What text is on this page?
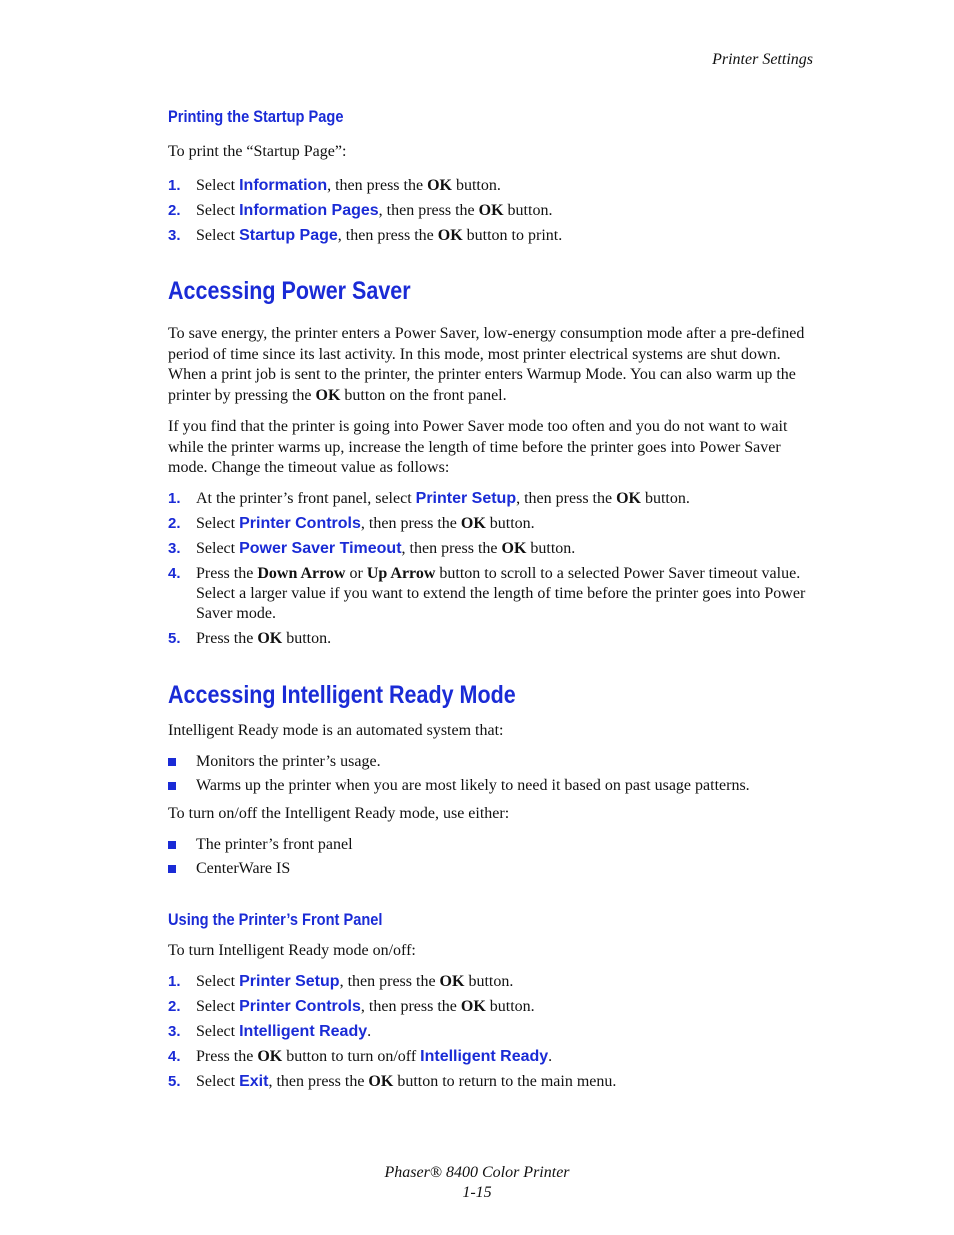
Printer Settings
Printing the Startup Page
To print the “Startup Page”:
1. Select Information, then press the OK button.
2. Select Information Pages, then press the OK button.
3. Select Startup Page, then press the OK button to print.
Accessing Power Saver
To save energy, the printer enters a Power Saver, low-energy consumption mode after a pre-defined period of time since its last activity. In this mode, most printer electrical systems are shut down. When a print job is sent to the printer, the printer enters Warmup Mode. You can also warm up the printer by pressing the OK button on the front panel.
If you find that the printer is going into Power Saver mode too often and you do not want to wait while the printer warms up, increase the length of time before the printer goes into Power Saver mode. Change the timeout value as follows:
1. At the printer’s front panel, select Printer Setup, then press the OK button.
2. Select Printer Controls, then press the OK button.
3. Select Power Saver Timeout, then press the OK button.
4. Press the Down Arrow or Up Arrow button to scroll to a selected Power Saver timeout value. Select a larger value if you want to extend the length of time before the printer goes into Power Saver mode.
5. Press the OK button.
Accessing Intelligent Ready Mode
Intelligent Ready mode is an automated system that:
Monitors the printer’s usage.
Warms up the printer when you are most likely to need it based on past usage patterns.
To turn on/off the Intelligent Ready mode, use either:
The printer’s front panel
CenterWare IS
Using the Printer’s Front Panel
To turn Intelligent Ready mode on/off:
1. Select Printer Setup, then press the OK button.
2. Select Printer Controls, then press the OK button.
3. Select Intelligent Ready.
4. Press the OK button to turn on/off Intelligent Ready.
5. Select Exit, then press the OK button to return to the main menu.
Phaser® 8400 Color Printer
1-15
